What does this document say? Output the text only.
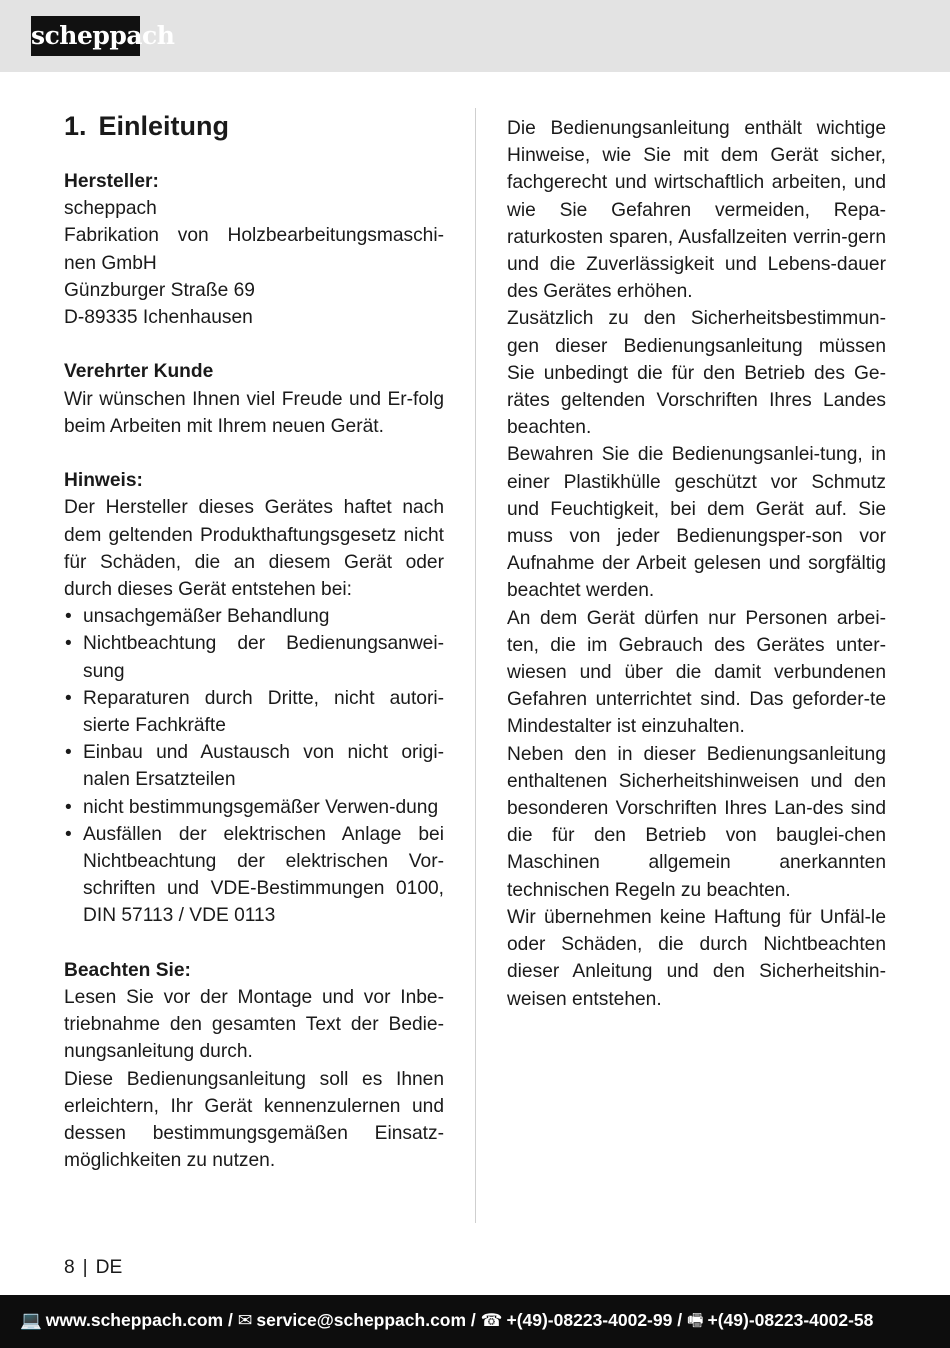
scheppach
1. Einleitung
Hersteller:
scheppach
Fabrikation von Holzbearbeitungsmaschi-nen GmbH
Günzburger Straße 69
D-89335 Ichenhausen
Verehrter Kunde

Wir wünschen Ihnen viel Freude und Er-folg beim Arbeiten mit Ihrem neuen Gerät.

Hinweis:

Der Hersteller dieses Gerätes haftet nach dem geltenden Produkthaftungsgesetz nicht für Schäden, die an diesem Gerät oder durch dieses Gerät entstehen bei:

• unsachgemäßer Behandlung
• Nichtbeachtung der Bedienungsanwei-sung
• Reparaturen durch Dritte, nicht autori-sierte Fachkräfte
• Einbau und Austausch von nicht origi-nalen Ersatzteilen
• nicht bestimmungsgemäßer Verwen-dung
• Ausfällen der elektrischen Anlage bei Nichtbeachtung der elektrischen Vor-schriften und VDE-Bestimmungen 0100, DIN 57113 / VDE 0113
Beachten Sie:

Lesen Sie vor der Montage und vor Inbe-triebnahme den gesamten Text der Bedie-nungsanleitung durch.

Diese Bedienungsanleitung soll es Ihnen erleichtern, Ihr Gerät kennenzulernen und dessen bestimmungsgemäßen Einsatz-möglichkeiten zu nutzen.

Die Bedienungsanleitung enthält wichtige Hinweise, wie Sie mit dem Gerät sicher, fachgerecht und wirtschaftlich arbeiten, und wie Sie Gefahren vermeiden, Repa-raturkosten sparen, Ausfallzeiten verrin-gern und die Zuverlässigkeit und Lebens-dauer des Gerätes erhöhen.

Zusätzlich zu den Sicherheitsbestimmun-gen dieser Bedienungsanleitung müssen Sie unbedingt die für den Betrieb des Ge-rätes geltenden Vorschriften Ihres Landes beachten.

Bewahren Sie die Bedienungsanlei-tung, in einer Plastikhülle geschützt vor Schmutz und Feuchtigkeit, bei dem Gerät auf. Sie muss von jeder Bedienungsper-son vor Aufnahme der Arbeit gelesen und sorgfältig beachtet werden.

An dem Gerät dürfen nur Personen arbei-ten, die im Gebrauch des Gerätes unter-wiesen und über die damit verbundenen Gefahren unterrichtet sind. Das geforder-te Mindestalter ist einzuhalten.

Neben den in dieser Bedienungsanleitung enthaltenen Sicherheitshinweisen und den besonderen Vorschriften Ihres Lan-des sind die für den Betrieb von bauglei-chen Maschinen allgemein anerkannten technischen Regeln zu beachten.

Wir übernehmen keine Haftung für Unfäl-le oder Schäden, die durch Nichtbeachten dieser Anleitung und den Sicherheitshin-weisen entstehen.

8 | DE
💻 www.scheppach.com / ✉ service@scheppach.com / ☎ +(49)-08223-4002-99 / 🖷 +(49)-08223-4002-58
